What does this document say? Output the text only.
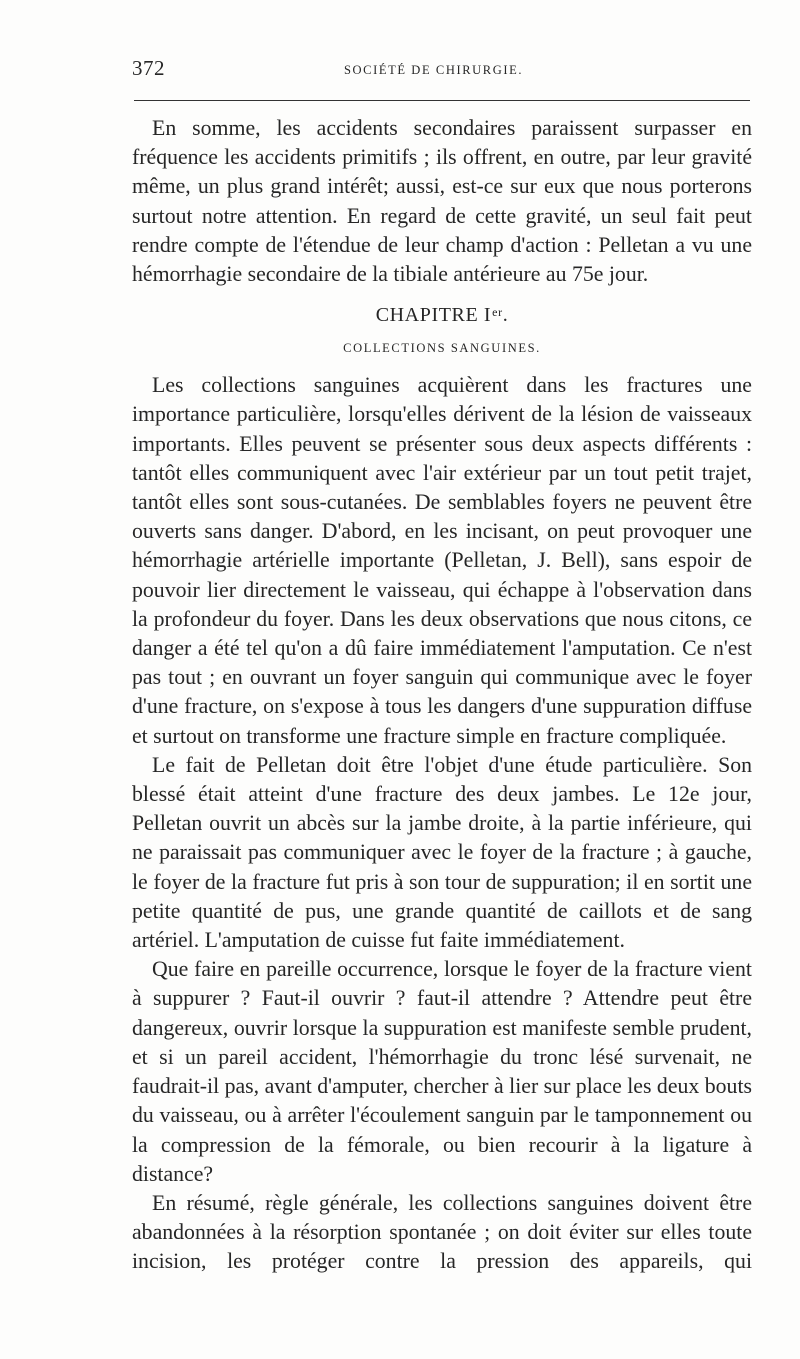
372	SOCIÉTÉ DE CHIRURGIE.

En somme, les accidents secondaires paraissent surpasser en fréquence les accidents primitifs ; ils offrent, en outre, par leur gravité même, un plus grand intérêt; aussi, est-ce sur eux que nous porterons surtout notre attention. En regard de cette gravité, un seul fait peut rendre compte de l'étendue de leur champ d'action : Pelletan a vu une hémorrhagie secondaire de la tibiale antérieure au 75e jour.

CHAPITRE Ier.
COLLECTIONS SANGUINES.

Les collections sanguines acquièrent dans les fractures une importance particulière, lorsqu'elles dérivent de la lésion de vaisseaux importants. Elles peuvent se présenter sous deux aspects différents : tantôt elles communiquent avec l'air extérieur par un tout petit trajet, tantôt elles sont sous-cutanées. De semblables foyers ne peuvent être ouverts sans danger. D'abord, en les incisant, on peut provoquer une hémorrhagie artérielle importante (Pelletan, J. Bell), sans espoir de pouvoir lier directement le vaisseau, qui échappe à l'observation dans la profondeur du foyer. Dans les deux observations que nous citons, ce danger a été tel qu'on a dû faire immédiatement l'amputation. Ce n'est pas tout ; en ouvrant un foyer sanguin qui communique avec le foyer d'une fracture, on s'expose à tous les dangers d'une suppuration diffuse et surtout on transforme une fracture simple en fracture compliquée.

Le fait de Pelletan doit être l'objet d'une étude particulière. Son blessé était atteint d'une fracture des deux jambes. Le 12e jour, Pelletan ouvrit un abcès sur la jambe droite, à la partie inférieure, qui ne paraissait pas communiquer avec le foyer de la fracture ; à gauche, le foyer de la fracture fut pris à son tour de suppuration; il en sortit une petite quantité de pus, une grande quantité de caillots et de sang artériel. L'amputation de cuisse fut faite immédiatement.

Que faire en pareille occurrence, lorsque le foyer de la fracture vient à suppurer ? Faut-il ouvrir ? faut-il attendre ? Attendre peut être dangereux, ouvrir lorsque la suppuration est manifeste semble prudent, et si un pareil accident, l'hémorrhagie du tronc lésé survenait, ne faudrait-il pas, avant d'amputer, chercher à lier sur place les deux bouts du vaisseau, ou à arrêter l'écoulement sanguin par le tamponnement ou la compression de la fémorale, ou bien recourir à la ligature à distance?

En résumé, règle générale, les collections sanguines doivent être abandonnées à la résorption spontanée ; on doit éviter sur elles toute incision, les protéger contre la pression des appareils, qui
